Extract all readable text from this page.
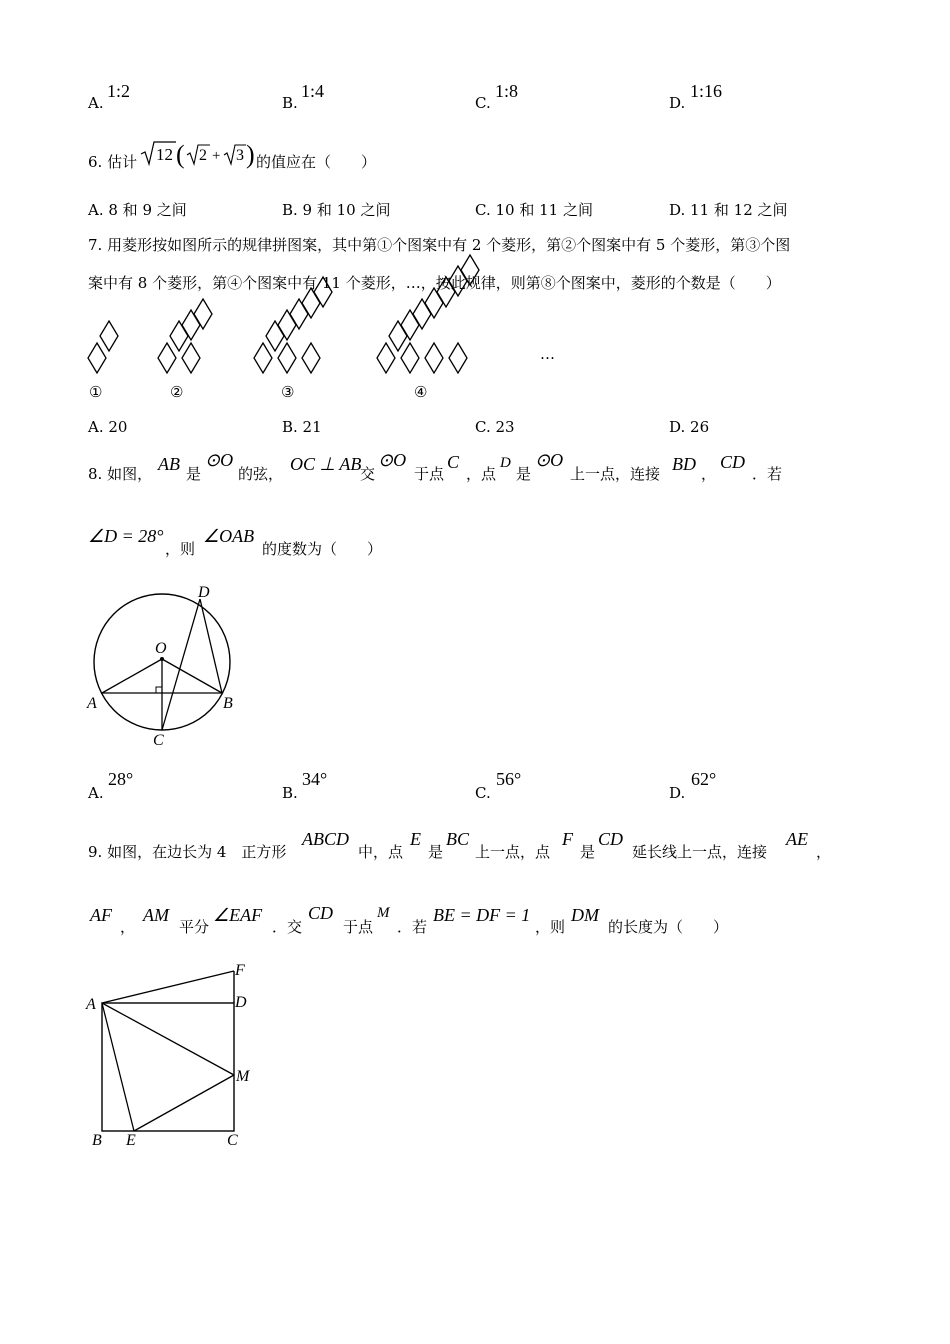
A.
1:2
B.
1:4
C.
1:8
D.
1:16
6. 估计 12 ( 2 + 3 ) 的值应在（　　）
A. 8 和 9 之间	B. 9 和 10 之间	C. 10 和 11 之间	D. 11 和 12 之间
7. 用菱形按如图所示的规律拼图案，其中第①个图案中有 2 个菱形，第②个图案中有 5 个菱形，第③个图
案中有 8 个菱形，第④个图案中有 11 个菱形，…，按此规律，则第⑧个图案中，菱形的个数是（　　）
…
①	②	③	④
A. 20	B. 21	C. 23	D. 26
8. 如图， AB 是
⊙O
的弦， OC ⊥ AB
交
⊙O
于点
C
，点
D
是
⊙O
上一点，连接 BD ，
CD
．若
∠D = 28°
，则
∠OAB
的度数为（　　）
O
A	B
C
D
A.
28°
B.
34°
C.
56°
D.
62°
9. 如图，在边长为 4　正方形
ABCD
中，点
E
是
BC
上一点，点
F
是
CD
延长线上一点，连接
AE
，
AF
，
AM
平分
∠EAF
．交
CD
于点
M
．若
BE = DF = 1
，则
DM
的长度为（　　）
A
B	C
D
E
F
M
